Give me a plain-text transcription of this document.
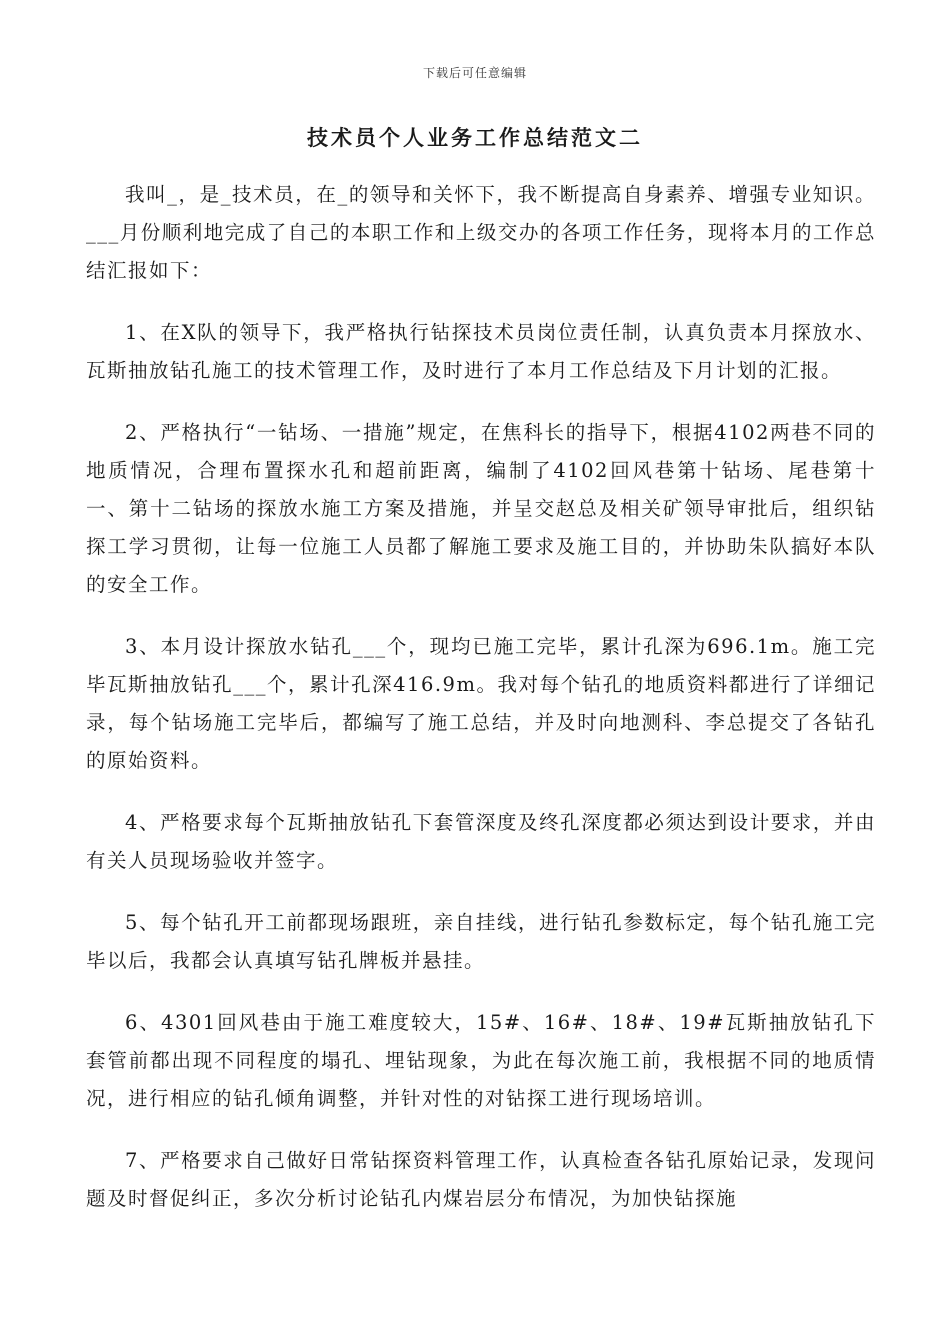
下载后可任意编辑
技术员个人业务工作总结范文二

我叫_，是_技术员，在_的领导和关怀下，我不断提高自身素养、增强专业知识。___月份顺利地完成了自己的本职工作和上级交办的各项工作任务，现将本月的工作总结汇报如下：

1、在X队的领导下，我严格执行钻探技术员岗位责任制，认真负责本月探放水、瓦斯抽放钻孔施工的技术管理工作，及时进行了本月工作总结及下月计划的汇报。

2、严格执行“一钻场、一措施”规定，在焦科长的指导下，根据4102两巷不同的地质情况，合理布置探水孔和超前距离，编制了4102回风巷第十钻场、尾巷第十一、第十二钻场的探放水施工方案及措施，并呈交赵总及相关矿领导审批后，组织钻探工学习贯彻，让每一位施工人员都了解施工要求及施工目的，并协助朱队搞好本队的安全工作。

3、本月设计探放水钻孔___个，现均已施工完毕，累计孔深为696.1m。施工完毕瓦斯抽放钻孔___个，累计孔深416.9m。我对每个钻孔的地质资料都进行了详细记录，每个钻场施工完毕后，都编写了施工总结，并及时向地测科、李总提交了各钻孔的原始资料。

4、严格要求每个瓦斯抽放钻孔下套管深度及终孔深度都必须达到设计要求，并由有关人员现场验收并签字。

5、每个钻孔开工前都现场跟班，亲自挂线，进行钻孔参数标定，每个钻孔施工完毕以后，我都会认真填写钻孔牌板并悬挂。

6、4301回风巷由于施工难度较大，15#、16#、18#、19#瓦斯抽放钻孔下套管前都出现不同程度的塌孔、埋钻现象，为此在每次施工前，我根据不同的地质情况，进行相应的钻孔倾角调整，并针对性的对钻探工进行现场培训。

7、严格要求自己做好日常钻探资料管理工作，认真检查各钻孔原始记录，发现问题及时督促纠正，多次分析讨论钻孔内煤岩层分布情况，为加快钻探施
